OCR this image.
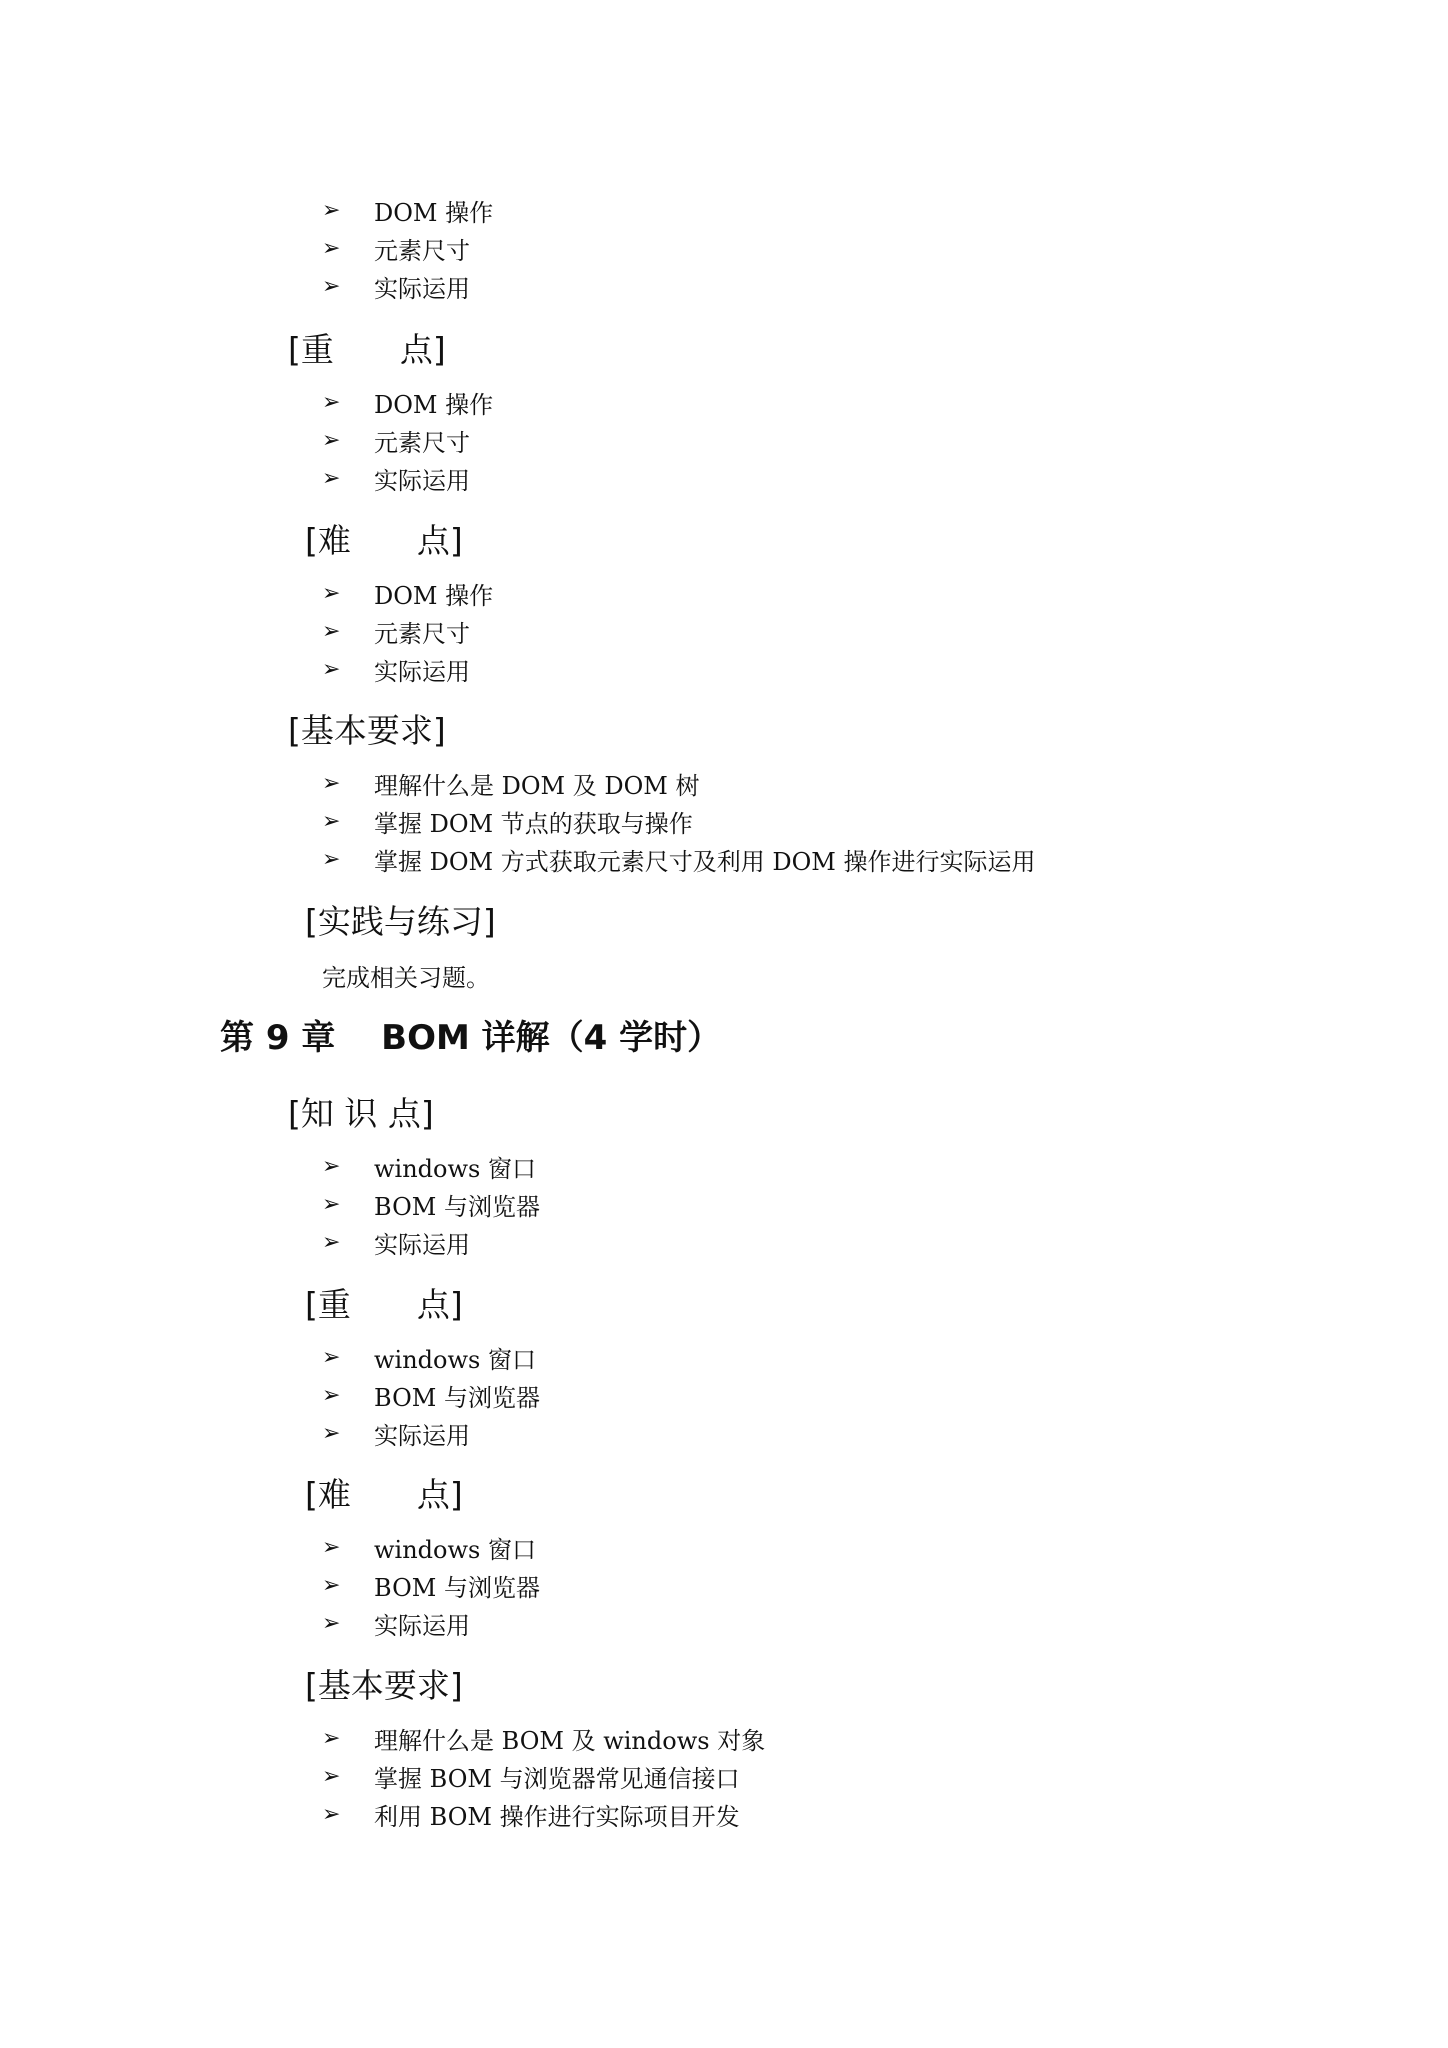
➢	DOM 操作
➢	元素尺寸
➢	实际运用
[重　　点]
➢	DOM 操作
➢	元素尺寸
➢	实际运用
[难　　点]
➢	DOM 操作
➢	元素尺寸
➢	实际运用
[基本要求]
➢	理解什么是 DOM 及 DOM 树
➢	掌握 DOM 节点的获取与操作
➢	掌握 DOM 方式获取元素尺寸及利用 DOM 操作进行实际运用
[实践与练习]
完成相关习题。
第 9 章　 BOM 详解（4 学时）
[知 识 点]
➢	windows 窗口
➢	BOM 与浏览器
➢	实际运用
[重　　点]
➢	windows 窗口
➢	BOM 与浏览器
➢	实际运用
[难　　点]
➢	windows 窗口
➢	BOM 与浏览器
➢	实际运用
[基本要求]
➢	理解什么是 BOM 及 windows 对象
➢	掌握 BOM 与浏览器常见通信接口
➢	利用 BOM 操作进行实际项目开发
